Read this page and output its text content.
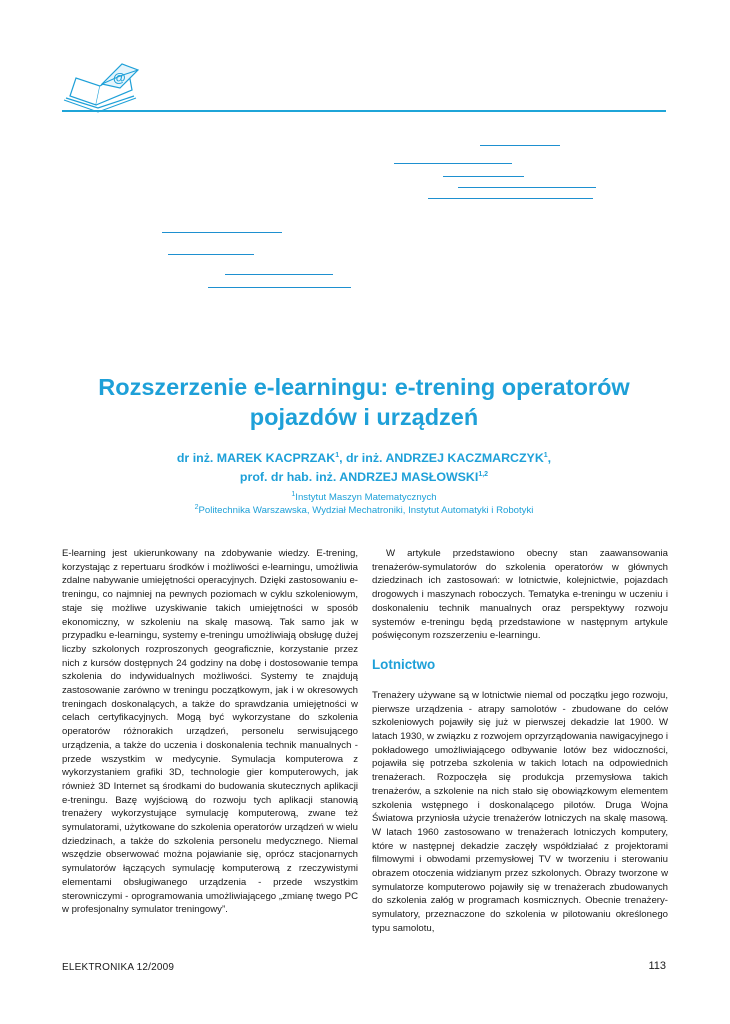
@
Rozszerzenie e-learningu: e-trening operatorów pojazdów i urządzeń

dr inż. MAREK KACPRZAK$^1$, dr inż. ANDRZEJ KACZMARCZYK$^1$,
prof. dr hab. inż. ANDRZEJ MASŁOWSKI$^{1,2}$

$^1$Instytut Maszyn Matematycznych
$^2$Politechnika Warszawska, Wydział Mechatroniki, Instytut Automatyki i Robotyki

E-learning jest ukierunkowany na zdobywanie wiedzy. E-trening, korzystając z repertuaru środków i możliwości e-learningu, umożliwia zdalne nabywanie umiejętności operacyjnych. Dzięki zastosowaniu e-treningu, co najmniej na pewnych poziomach w cyklu szkoleniowym, staje się możliwe uzyskiwanie takich umiejętności w sposób ekonomiczny, w szkoleniu na skalę masową. Tak samo jak w przypadku e-learningu, systemy e-treningu umożliwiają obsługę dużej liczby szkolonych rozproszonych geograficznie, korzystanie przez nich z kursów dostępnych 24 godziny na dobę i dostosowanie tempa szkolenia do indywidualnych możliwości. Systemy te znajdują zastosowanie zarówno w treningu początkowym, jak i w okresowych treningach doskonalących, a także do sprawdzania umiejętności w celach certyfikacyjnych. Mogą być wykorzystane do szkolenia operatorów różnorakich urządzeń, personelu serwisującego urządzenia, a także do uczenia i doskonalenia technik manualnych - przede wszystkim w medycynie. Symulacja komputerowa z wykorzystaniem grafiki 3D, technologie gier komputerowych, jak również 3D Internet są środkami do budowania skutecznych aplikacji e-treningu. Bazę wyjściową do rozwoju tych aplikacji stanowią trenażery wykorzystujące symulację komputerową, zwane też symulatorami, użytkowane do szkolenia operatorów urządzeń w wielu dziedzinach, a także do szkolenia personelu medycznego. Niemal wszędzie obserwować można pojawianie się, oprócz stacjonarnych symulatorów łączących symulację komputerową z rzeczywistymi elementami obsługiwanego urządzenia - przede wszystkim sterowniczymi - oprogramowania umożliwiającego „zmianę twego PC w profesjonalny symulator treningowy”.

W artykule przedstawiono obecny stan zaawansowania trenażerów-symulatorów do szkolenia operatorów w głównych dziedzinach ich zastosowań: w lotnictwie, kolejnictwie, pojazdach drogowych i maszynach roboczych. Tematyka e-treningu w uczeniu i doskonaleniu technik manualnych oraz perspektywy rozwoju systemów e-treningu będą przedstawione w następnym artykule poświęconym rozszerzeniu e-learningu.

Lotnictwo

Trenażery używane są w lotnictwie niemal od początku jego rozwoju, pierwsze urządzenia - atrapy samolotów - zbudowane do celów szkoleniowych pojawiły się już w pierwszej dekadzie lat 1900. W latach 1930, w związku z rozwojem oprzyrządowania nawigacyjnego i pokładowego umożliwiającego odbywanie lotów bez widoczności, pojawiła się potrzeba szkolenia w takich lotach na odpowiednich trenażerach. Rozpoczęła się produkcja przemysłowa takich trenażerów, a szkolenie na nich stało się obowiązkowym elementem szkolenia wstępnego i doskonalącego pilotów. Druga Wojna Światowa przyniosła użycie trenażerów lotniczych na skalę masową. W latach 1960 zastosowano w trenażerach lotniczych komputery, które w następnej dekadzie zaczęły współdziałać z projektorami filmowymi i obwodami przemysłowej TV w tworzeniu i sterowaniu obrazem otoczenia widzianym przez szkolonych. Obrazy tworzone w symulatorze komputerowo pojawiły się w trenażerach zbudowanych do szkolenia załóg w programach kosmicznych. Obecnie trenażery-symulatory, przeznaczone do szkolenia w pilotowaniu określonego typu samolotu,

ELEKTRONIKA 12/2009	113
